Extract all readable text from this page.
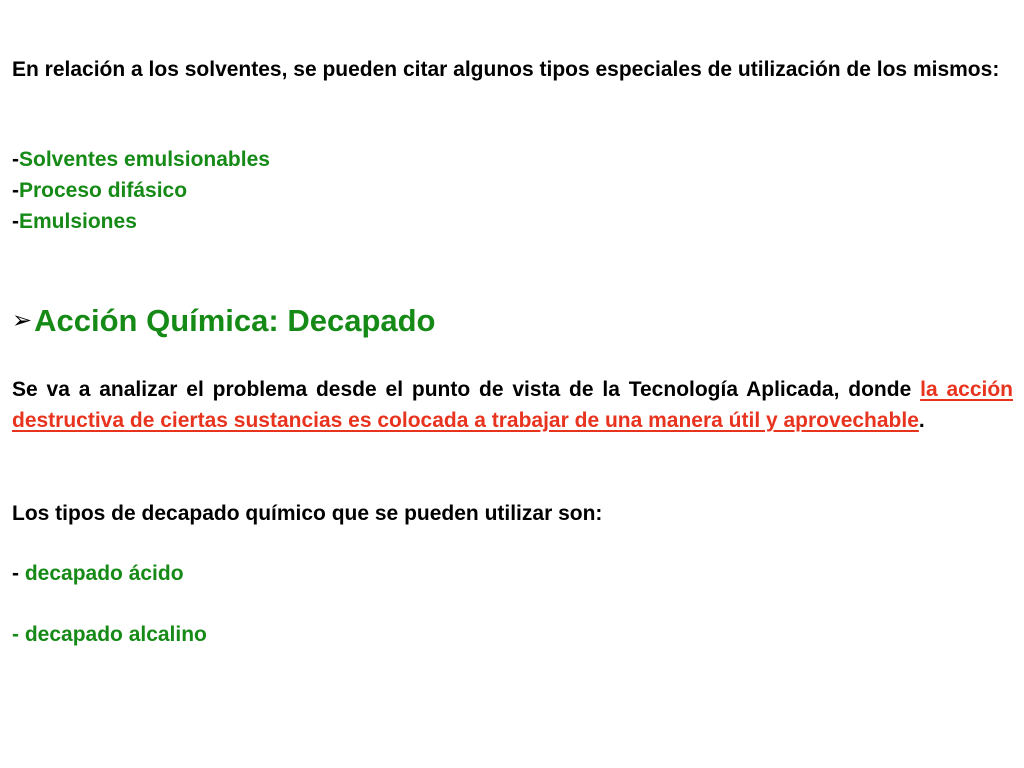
En relación a los solventes, se pueden citar algunos tipos especiales de utilización de los mismos:
-Solventes emulsionables
-Proceso difásico
-Emulsiones
➢Acción Química: Decapado
Se va a analizar el problema desde el punto de vista de la Tecnología Aplicada, donde la acción destructiva de ciertas sustancias es colocada a trabajar de una manera útil y aprovechable.
Los tipos de decapado químico que se pueden utilizar son:
- decapado ácido
- decapado alcalino
